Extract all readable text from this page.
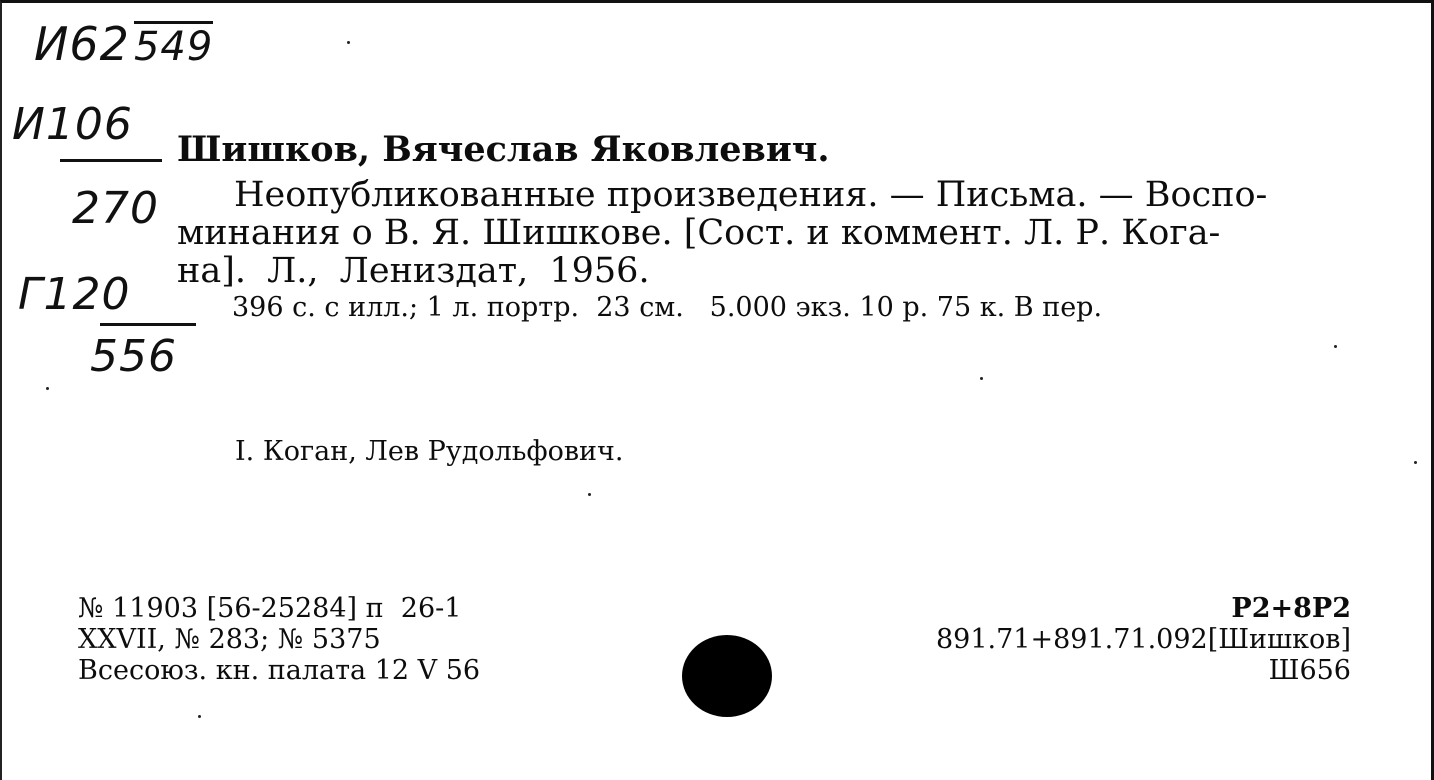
И62 549
И106
270
Г120
556
Шишков, Вячеслав Яковлевич.
Неопубликованные произведения. — Письма. — Воспо-
минания о В. Я. Шишкове. [Сост. и коммент. Л. Р. Кога-
на]. Л., Лениздат, 1956.
396 с. с илл.; 1 л. портр.  23 см.   5.000 экз. 10 р. 75 к. В пер.
I. Коган, Лев Рудольфович.
№ 11903 [56-25284] п  26-1
XXVII, № 283; № 5375
Всесоюз. кн. палата 12 V 56
Р2+8Р2
891.71+891.71.092[Шишков]
Ш656
